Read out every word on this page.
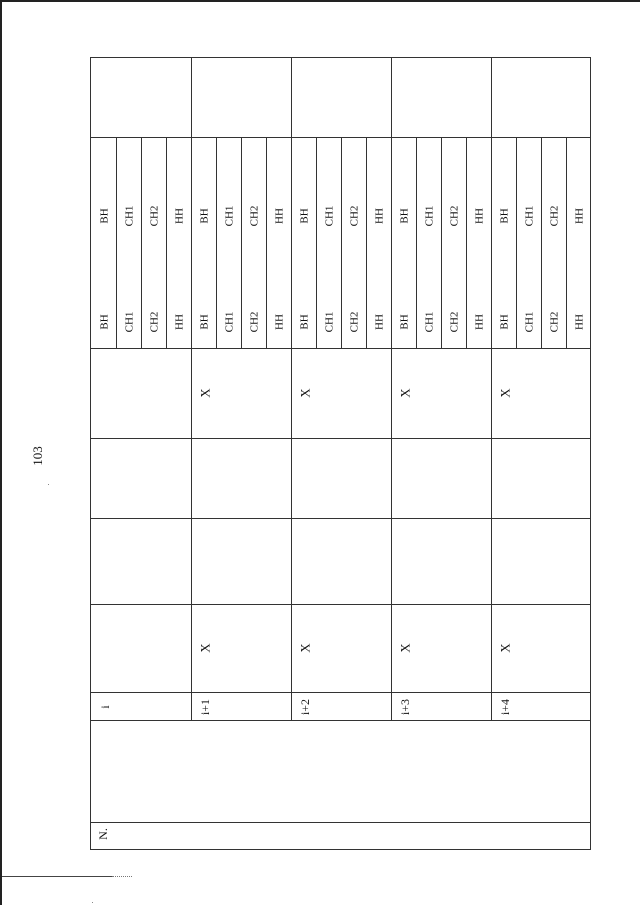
103
BH
BH
CH1
CH1
CH2
CH2
HH
HH
i
BH
BH
CH1
CH1
CH2
CH2
HH
HH
X
X
i+1
BH
BH
CH1
CH1
CH2
CH2
HH
HH
X
X
i+2
BH
BH
CH1
CH1
CH2
CH2
HH
HH
X
X
i+3
BH
BH
CH1
CH1
CH2
CH2
HH
HH
X
X
i+4
N.
